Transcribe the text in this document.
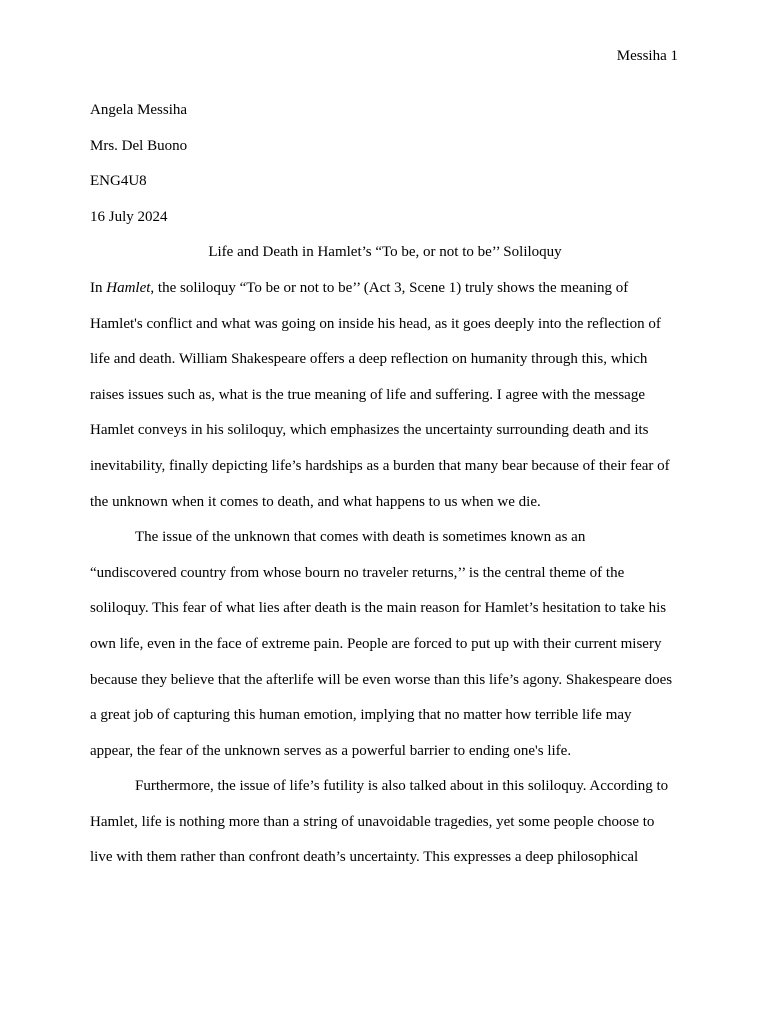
Messiha 1

Angela Messiha

Mrs. Del Buono

ENG4U8

16 July 2024

Life and Death in Hamlet’s “To be, or not to be’’ Soliloquy

In Hamlet, the soliloquy “To be or not to be’’ (Act 3, Scene 1) truly shows the meaning of
Hamlet's conflict and what was going on inside his head, as it goes deeply into the reflection of
life and death. William Shakespeare offers a deep reflection on humanity through this, which
raises issues such as, what is the true meaning of life and suffering. I agree with the message
Hamlet conveys in his soliloquy, which emphasizes the uncertainty surrounding death and its
inevitability, finally depicting life’s hardships as a burden that many bear because of their fear of
the unknown when it comes to death, and what happens to us when we die.

The issue of the unknown that comes with death is sometimes known as an
“undiscovered country from whose bourn no traveler returns,’’ is the central theme of the
soliloquy. This fear of what lies after death is the main reason for Hamlet’s hesitation to take his
own life, even in the face of extreme pain. People are forced to put up with their current misery
because they believe that the afterlife will be even worse than this life’s agony. Shakespeare does
a great job of capturing this human emotion, implying that no matter how terrible life may
appear, the fear of the unknown serves as a powerful barrier to ending one's life.

Furthermore, the issue of life’s futility is also talked about in this soliloquy. According to
Hamlet, life is nothing more than a string of unavoidable tragedies, yet some people choose to
live with them rather than confront death’s uncertainty. This expresses a deep philosophical
